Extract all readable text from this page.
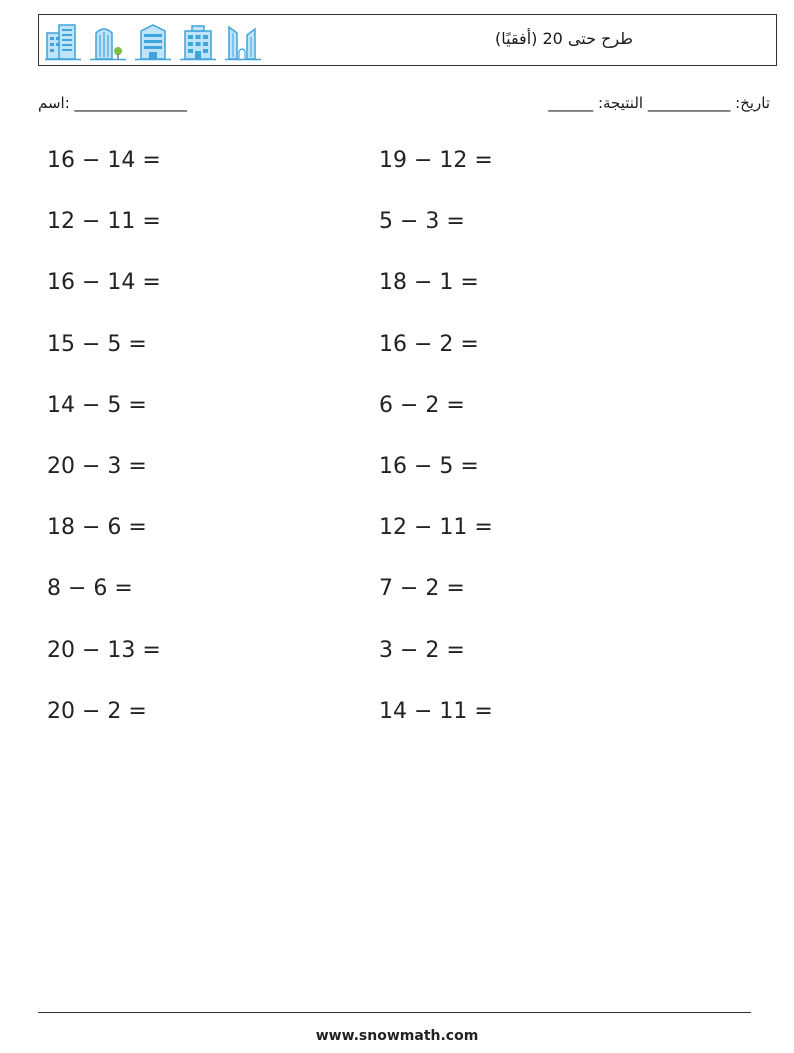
طرح حتى 20 (أفقيًا)
اسم: _______________	______ :تاريخ: ___________ النتيجة
16 − 14 =	19 − 12 =
12 − 11 =	5 − 3 =
16 − 14 =	18 − 1 =
15 − 5 =	16 − 2 =
14 − 5 =	6 − 2 =
20 − 3 =	16 − 5 =
18 − 6 =	12 − 11 =
8 − 6 =	7 − 2 =
20 − 13 =	3 − 2 =
20 − 2 =	14 − 11 =
www.snowmath.com
